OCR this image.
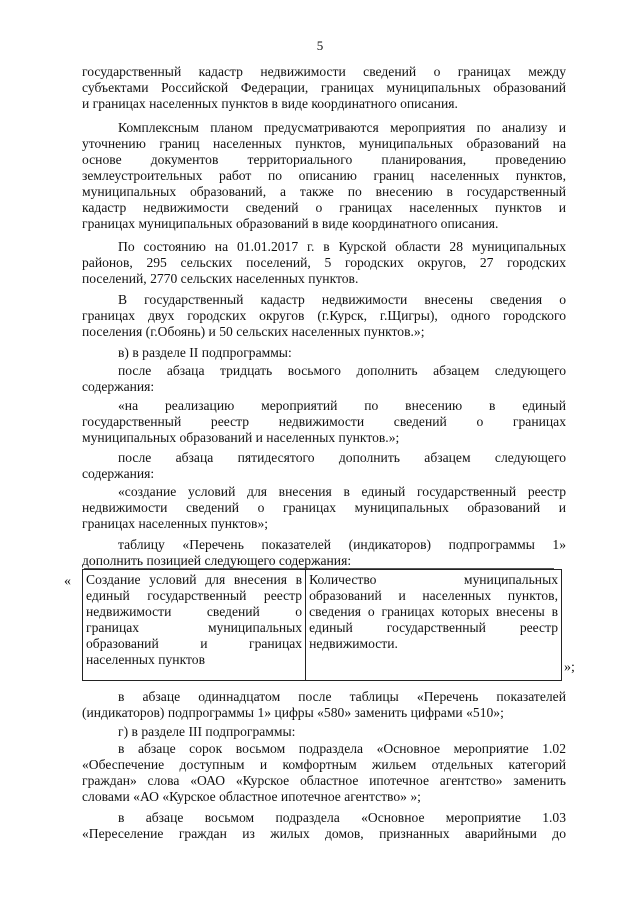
5
государственный кадастр недвижимости сведений о границах между
субъектами Российской Федерации, границах муниципальных образований
и границах населенных пунктов в виде координатного описания.
Комплексным планом предусматриваются мероприятия по анализу и
уточнению границ населенных пунктов, муниципальных образований на
основе документов территориального планирования, проведению
землеустроительных работ по описанию границ населенных пунктов,
муниципальных образований, а также по внесению в государственный
кадастр недвижимости сведений о границах населенных пунктов и
границах муниципальных образований в виде координатного описания.
По состоянию на 01.01.2017 г. в Курской области 28 муниципальных
районов, 295 сельских поселений, 5 городских округов, 27 городских
поселений, 2770 сельских населенных пунктов.
В государственный кадастр недвижимости внесены сведения о
границах двух городских округов (г.Курск, г.Щигры), одного городского
поселения (г.Обоянь) и 50 сельских населенных пунктов.»;
в) в разделе II подпрограммы:
после абзаца тридцать восьмого дополнить абзацем следующего
содержания:
«на реализацию мероприятий по внесению в единый
государственный реестр недвижимости сведений о границах
муниципальных образований и населенных пунктов.»;
после абзаца пятидесятого дополнить абзацем следующего
содержания:
«создание условий для внесения в единый государственный реестр
недвижимости сведений о границах муниципальных образований и
границах населенных пунктов»;
таблицу «Перечень показателей (индикаторов) подпрограммы 1»
дополнить позицией следующего содержания:
« Создание условий для внесения в
единый государственный реестр
недвижимости сведений о
границах муниципальных
образований и границах
населенных пунктов
Количество муниципальных
образований и населенных пунктов,
сведения о границах которых внесены в
единый государственный реестр
недвижимости.
»;
в абзаце одиннадцатом после таблицы «Перечень показателей
(индикаторов) подпрограммы 1» цифры «580» заменить цифрами «510»;
г) в разделе III подпрограммы:
в абзаце сорок восьмом подраздела «Основное мероприятие 1.02
«Обеспечение доступным и комфортным жильем отдельных категорий
граждан» слова «ОАО «Курское областное ипотечное агентство» заменить
словами «АО «Курское областное ипотечное агентство» »;
в абзаце восьмом подраздела «Основное мероприятие 1.03
«Переселение граждан из жилых домов, признанных аварийными до
